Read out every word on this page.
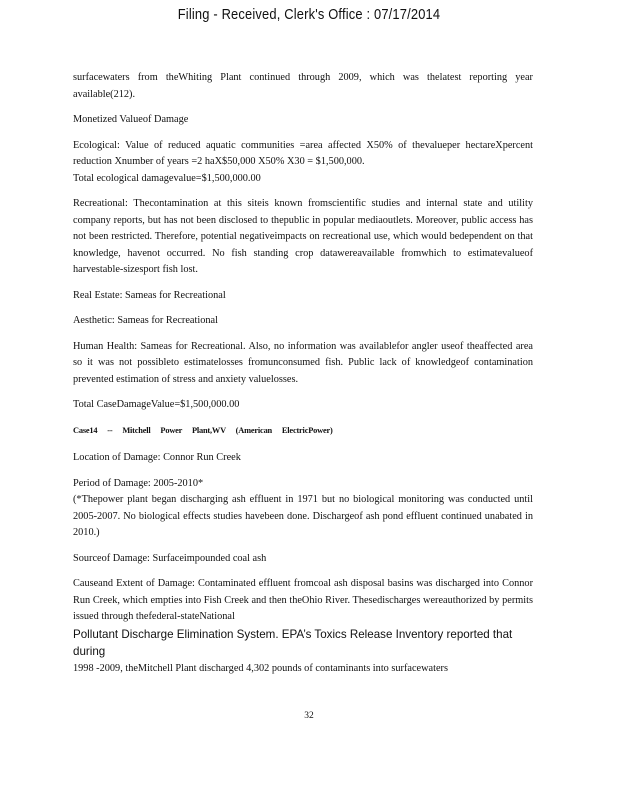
Filing - Received, Clerk's Office : 07/17/2014

surfacewaters from theWhiting Plant continued through 2009, which was thelatest reporting year available(212).

Monetized Valueof Damage

Ecological: Value of reduced aquatic communities =area affected X50% of thevalueper hectareXpercent reduction Xnumber of years =2 haX$50,000 X50% X30 = $1,500,000.
Total ecological damagevalue=$1,500,000.00

Recreational: Thecontamination at this siteis known fromscientific studies and internal state and utility company reports, but has not been disclosed to thepublic in popular mediaoutlets. Moreover, public access has not been restricted. Therefore, potential negativeimpacts on recreational use, which would bedependent on that knowledge, havenot occurred. No fish standing crop datawereavailable fromwhich to estimatevalueof harvestable-sizesport fish lost.

Real Estate: Sameas for Recreational

Aesthetic: Sameas for Recreational

Human Health: Sameas for Recreational. Also, no information was availablefor angler useof theaffected area so it was not possibleto estimatelosses fromunconsumed fish. Public lack of knowledgeof contamination prevented estimation of stress and anxiety valuelosses.

Total CaseDamageValue=$1,500,000.00

Case14 -- Mitchell Power Plant,WV (American ElectricPower)

Location of Damage: Connor Run Creek

Period of Damage: 2005-2010*
(*Thepower plant began discharging ash effluent in 1971 but no biological monitoring was conducted until 2005-2007. No biological effects studies havebeen done. Dischargeof ash pond effluent continued unabated in 2010.)

Sourceof Damage: Surfaceimpounded coal ash

Causeand Extent of Damage: Contaminated effluent fromcoal ash disposal basins was discharged into Connor Run Creek, which empties into Fish Creek and then theOhio River. Thesedischarges wereauthorized by permits issued through thefederal-stateNational

Pollutant Discharge Elimination System. EPA’s Toxics Release Inventory reported that during

1998 -2009, theMitchell Plant discharged 4,302 pounds of contaminants into surfacewaters

32
